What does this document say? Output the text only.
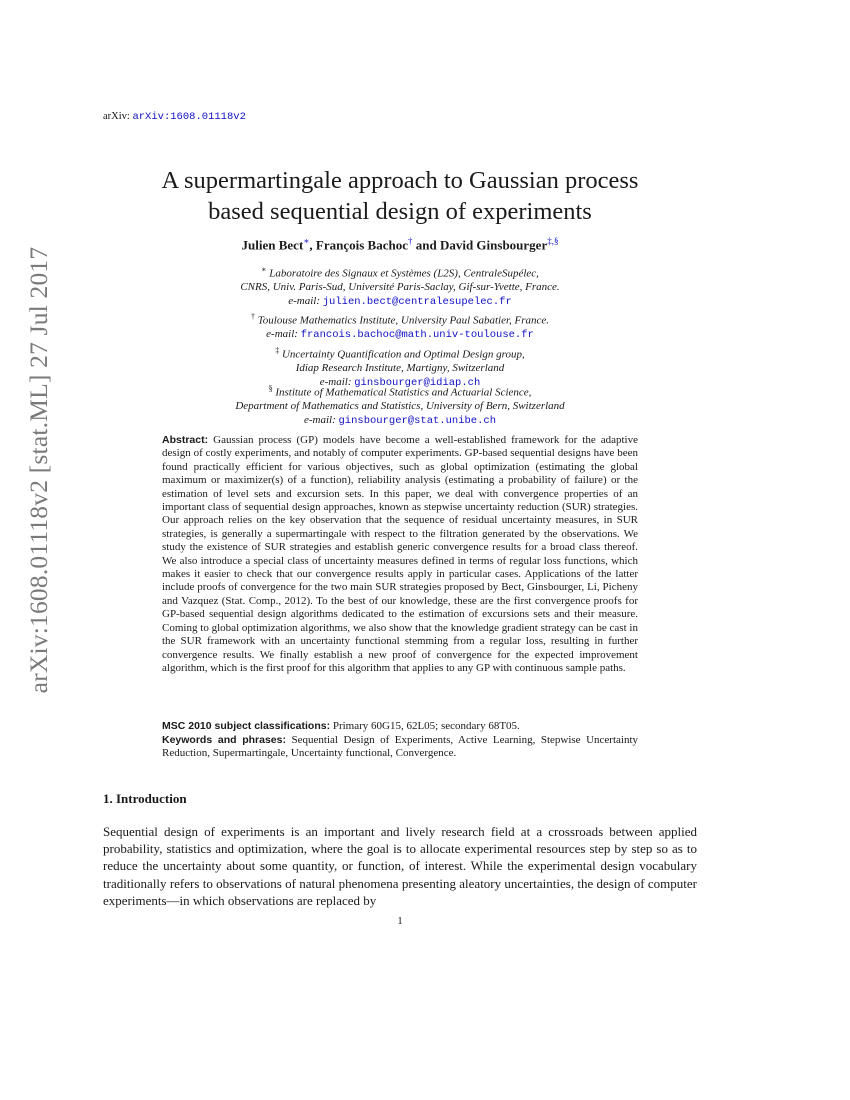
arXiv: arXiv:1608.01118v2
arXiv:1608.01118v2 [stat.ML] 27 Jul 2017
A supermartingale approach to Gaussian process
based sequential design of experiments
Julien Bect∗, François Bachoc† and David Ginsbourger‡,§
∗ Laboratoire des Signaux et Systèmes (L2S), CentraleSupélec,
CNRS, Univ. Paris-Sud, Université Paris-Saclay, Gif-sur-Yvette, France.
e-mail: julien.bect@centralesupelec.fr
† Toulouse Mathematics Institute, University Paul Sabatier, France.
e-mail: francois.bachoc@math.univ-toulouse.fr
‡ Uncertainty Quantification and Optimal Design group,
Idiap Research Institute, Martigny, Switzerland
e-mail: ginsbourger@idiap.ch
§ Institute of Mathematical Statistics and Actuarial Science,
Department of Mathematics and Statistics, University of Bern, Switzerland
e-mail: ginsbourger@stat.unibe.ch
Abstract: Gaussian process (GP) models have become a well-established framework for the adaptive design of costly experiments, and notably of computer experiments. GP-based sequential designs have been found practically efficient for various objectives, such as global optimization (estimating the global maximum or maximizer(s) of a function), reliability analysis (estimating a probability of failure) or the estimation of level sets and excursion sets. In this paper, we deal with convergence properties of an important class of sequential design approaches, known as stepwise uncertainty reduction (SUR) strategies. Our approach relies on the key observation that the sequence of residual uncertainty measures, in SUR strategies, is generally a supermartingale with respect to the filtration generated by the observations. We study the existence of SUR strategies and establish generic convergence results for a broad class thereof. We also introduce a special class of uncertainty measures defined in terms of regular loss functions, which makes it easier to check that our convergence results apply in particular cases. Applications of the latter include proofs of convergence for the two main SUR strategies proposed by Bect, Ginsbourger, Li, Picheny and Vazquez (Stat. Comp., 2012). To the best of our knowledge, these are the first convergence proofs for GP-based sequential design algorithms dedicated to the estimation of excursions sets and their measure. Coming to global optimization algorithms, we also show that the knowledge gradient strategy can be cast in the SUR framework with an uncertainty functional stemming from a regular loss, resulting in further convergence results. We finally establish a new proof of convergence for the expected improvement algorithm, which is the first proof for this algorithm that applies to any GP with continuous sample paths.
MSC 2010 subject classifications: Primary 60G15, 62L05; secondary 68T05.
Keywords and phrases: Sequential Design of Experiments, Active Learning, Stepwise Uncertainty Reduction, Supermartingale, Uncertainty functional, Convergence.
1. Introduction
Sequential design of experiments is an important and lively research field at a crossroads between applied probability, statistics and optimization, where the goal is to allocate experimental resources step by step so as to reduce the uncertainty about some quantity, or function, of interest. While the experimental design vocabulary traditionally refers to observations of natural phenomena presenting aleatory uncertainties, the design of computer experiments—in which observations are replaced by
1
